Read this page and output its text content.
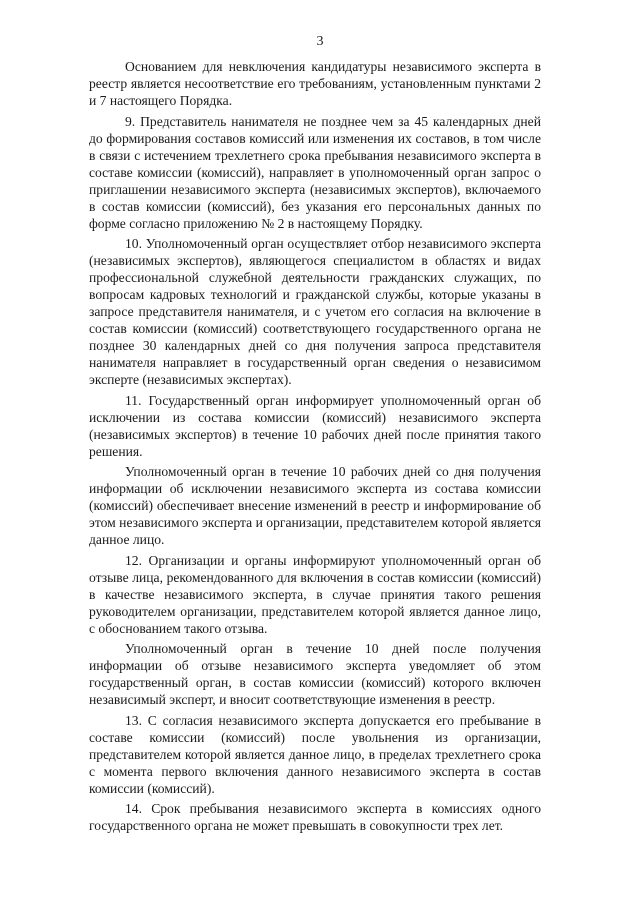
3

Основанием для невключения кандидатуры независимого эксперта в реестр является несоответствие его требованиям, установленным пунктами 2 и 7 настоящего Порядка.

9. Представитель нанимателя не позднее чем за 45 календарных дней до формирования составов комиссий или изменения их составов, в том числе в связи с истечением трехлетнего срока пребывания независимого эксперта в составе комиссии (комиссий), направляет в уполномоченный орган запрос о приглашении независимого эксперта (независимых экспертов), включаемого в состав комиссии (комиссий), без указания его персональных данных по форме согласно приложению № 2 в настоящему Порядку.

10. Уполномоченный орган осуществляет отбор независимого эксперта (независимых экспертов), являющегося специалистом в областях и видах профессиональной служебной деятельности гражданских служащих, по вопросам кадровых технологий и гражданской службы, которые указаны в запросе представителя нанимателя, и с учетом его согласия на включение в состав комиссии (комиссий) соответствующего государственного органа не позднее 30 календарных дней со дня получения запроса представителя нанимателя направляет в государственный орган сведения о независимом эксперте (независимых экспертах).

11. Государственный орган информирует уполномоченный орган об исключении из состава комиссии (комиссий) независимого эксперта (независимых экспертов) в течение 10 рабочих дней после принятия такого решения.

Уполномоченный орган в течение 10 рабочих дней со дня получения информации об исключении независимого эксперта из состава комиссии (комиссий) обеспечивает внесение изменений в реестр и информирование об этом независимого эксперта и организации, представителем которой является данное лицо.

12. Организации и органы информируют уполномоченный орган об отзыве лица, рекомендованного для включения в состав комиссии (комиссий) в качестве независимого эксперта, в случае принятия такого решения руководителем организации, представителем которой является данное лицо, с обоснованием такого отзыва.

Уполномоченный орган в течение 10 дней после получения информации об отзыве независимого эксперта уведомляет об этом государственный орган, в состав комиссии (комиссий) которого включен независимый эксперт, и вносит соответствующие изменения в реестр.

13. С согласия независимого эксперта допускается его пребывание в составе комиссии (комиссий) после увольнения из организации, представителем которой является данное лицо, в пределах трехлетнего срока с момента первого включения данного независимого эксперта в состав комиссии (комиссий).

14. Срок пребывания независимого эксперта в комиссиях одного государственного органа не может превышать в совокупности трех лет.
